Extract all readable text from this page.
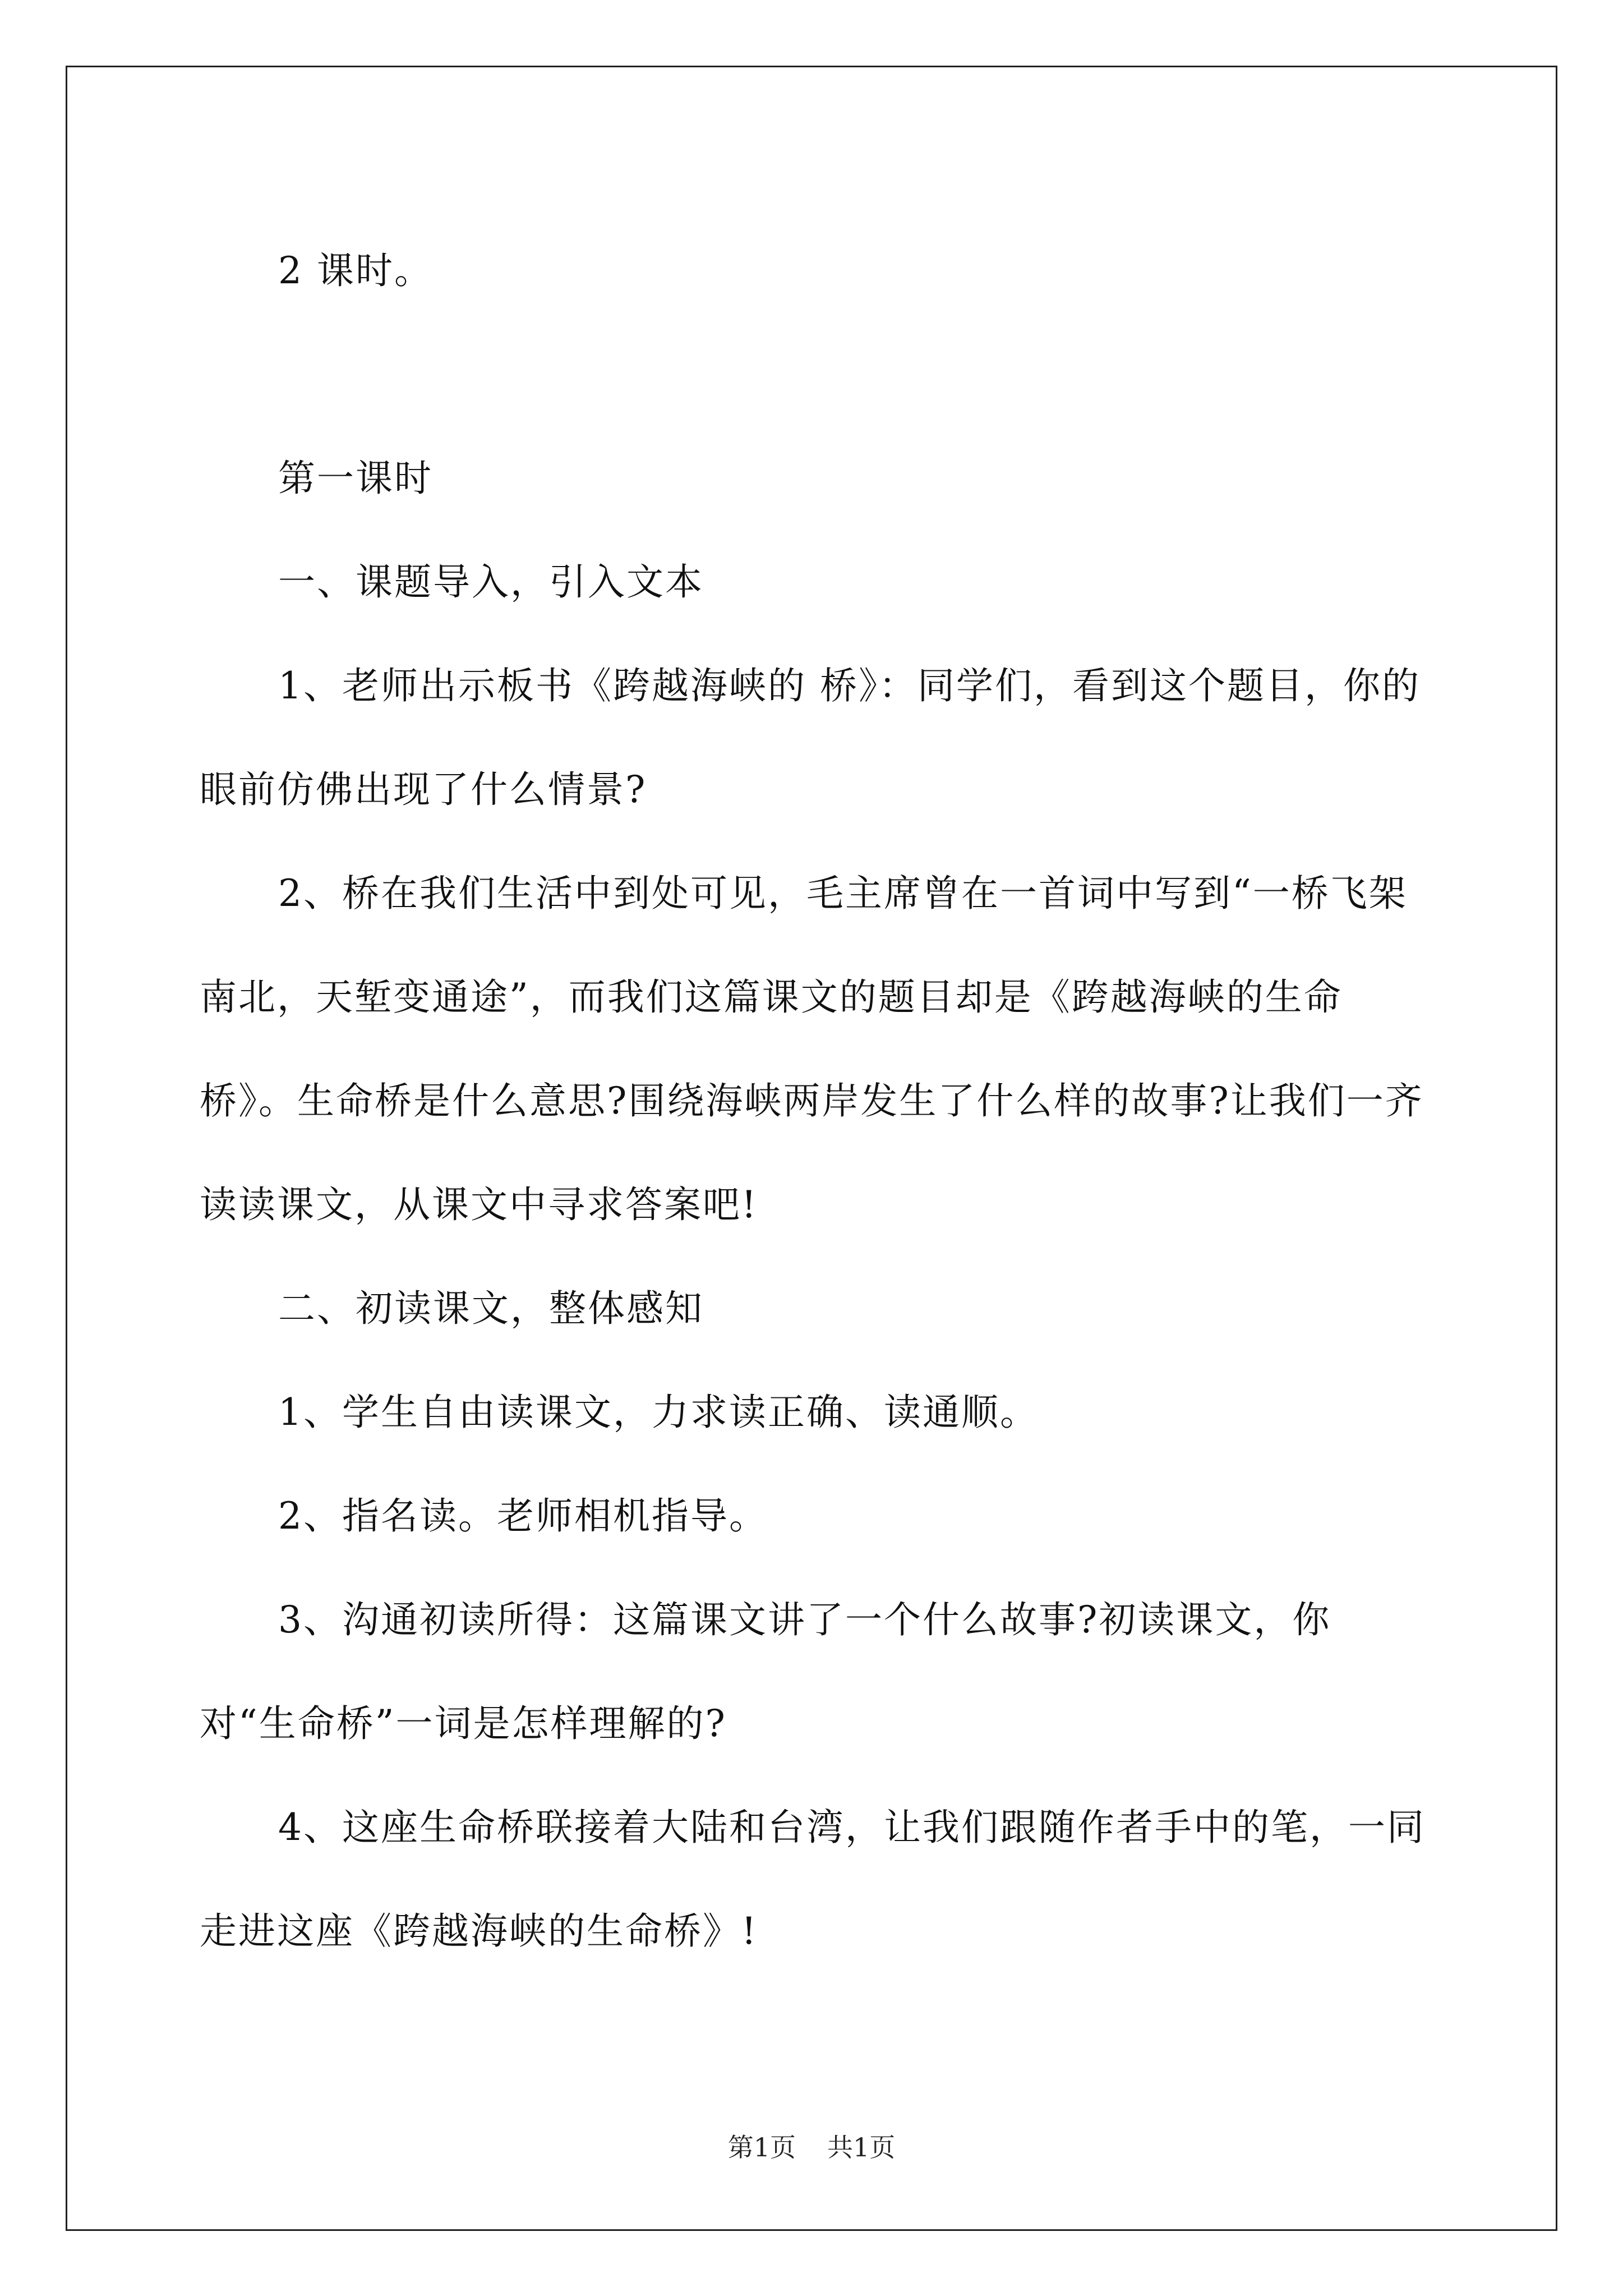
2 课时。

第一课时

一、课题导入，引入文本

1、老师出示板书《跨越海峡的 桥》：同学们，看到这个题目，你的眼前仿佛出现了什么情景?

2、桥在我们生活中到处可见，毛主席曾在一首词中写到“一桥飞架南北，天堑变通途”，而我们这篇课文的题目却是《跨越海峡的生命桥》。生命桥是什么意思?围绕海峡两岸发生了什么样的故事?让我们一齐读读课文，从课文中寻求答案吧!

二、初读课文，整体感知

1、学生自由读课文，力求读正确、读通顺。

2、指名读。老师相机指导。

3、沟通初读所得：这篇课文讲了一个什么故事?初读课文，你对“生命桥”一词是怎样理解的?

4、这座生命桥联接着大陆和台湾，让我们跟随作者手中的笔，一同走进这座《跨越海峡的生命桥》!

第1页 共1页
